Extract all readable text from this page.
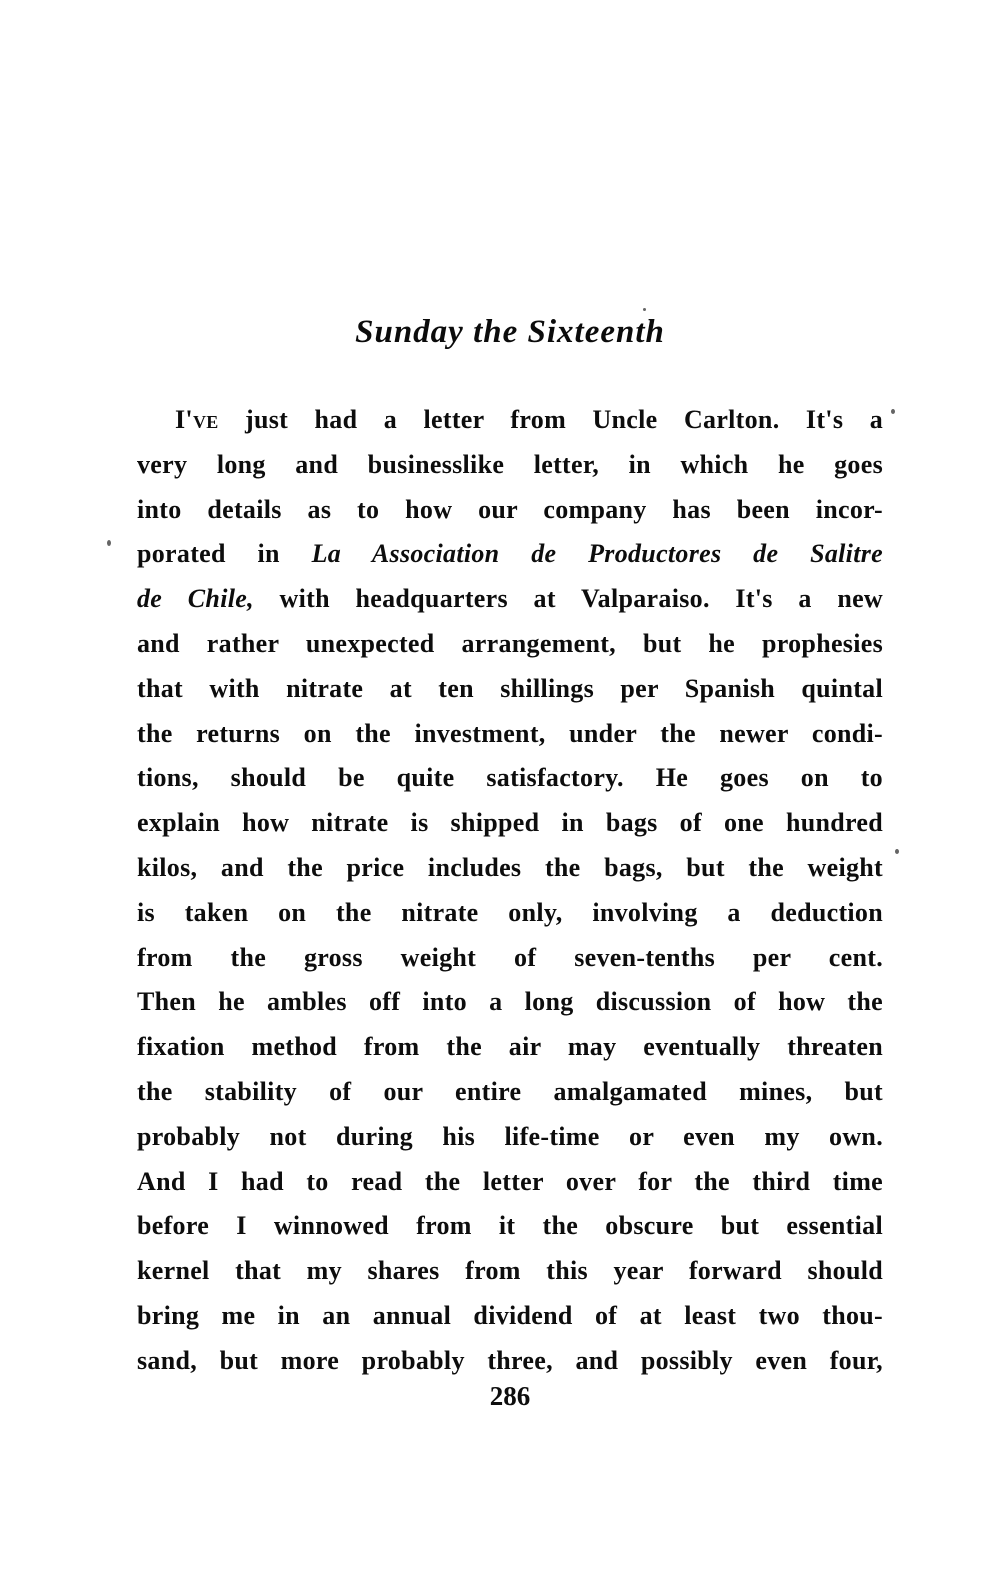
Sunday the Sixteenth
I've just had a letter from Uncle Carlton. It's a
very long and businesslike letter, in which he goes
into details as to how our company has been incor-
porated in La Association de Productores de Salitre
de Chile, with headquarters at Valparaiso. It's a new
and rather unexpected arrangement, but he prophesies
that with nitrate at ten shillings per Spanish quintal
the returns on the investment, under the newer condi-
tions, should be quite satisfactory. He goes on to
explain how nitrate is shipped in bags of one hundred
kilos, and the price includes the bags, but the weight
is taken on the nitrate only, involving a deduction
from the gross weight of seven-tenths per cent.
Then he ambles off into a long discussion of how the
fixation method from the air may eventually threaten
the stability of our entire amalgamated mines, but
probably not during his life-time or even my own.
And I had to read the letter over for the third time
before I winnowed from it the obscure but essential
kernel that my shares from this year forward should
bring me in an annual dividend of at least two thou-
sand, but more probably three, and possibly even four,
286
